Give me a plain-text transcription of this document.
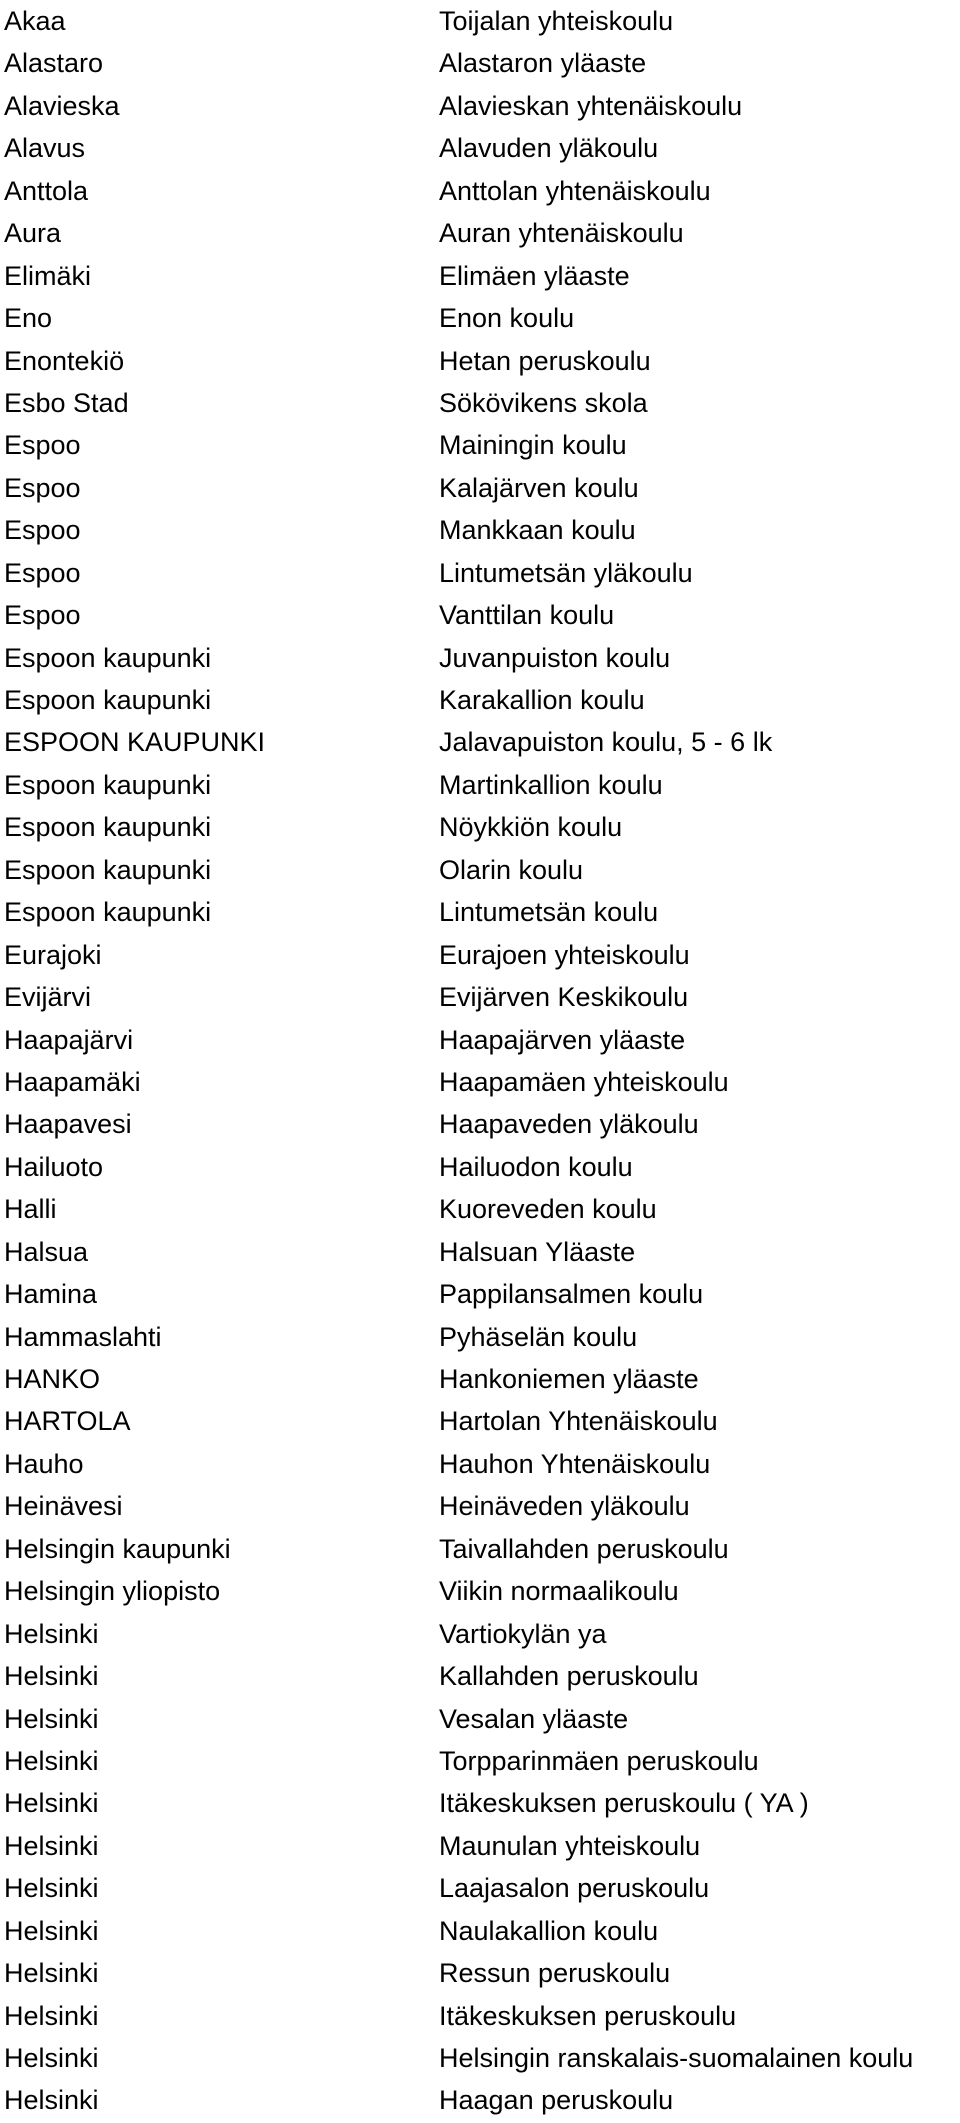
Akaa	Toijalan yhteiskoulu
Alastaro	Alastaron yläaste
Alavieska	Alavieskan yhtenäiskoulu
Alavus	Alavuden yläkoulu
Anttola	Anttolan yhtenäiskoulu
Aura	Auran yhtenäiskoulu
Elimäki	Elimäen yläaste
Eno	Enon koulu
Enontekiö	Hetan peruskoulu
Esbo Stad	Sökövikens skola
Espoo	Mainingin koulu
Espoo	Kalajärven koulu
Espoo	Mankkaan koulu
Espoo	Lintumetsän yläkoulu
Espoo	Vanttilan koulu
Espoon kaupunki	Juvanpuiston koulu
Espoon kaupunki	Karakallion koulu
ESPOON KAUPUNKI	Jalavapuiston koulu, 5 - 6 lk
Espoon kaupunki	Martinkallion koulu
Espoon kaupunki	Nöykkiön koulu
Espoon kaupunki	Olarin koulu
Espoon kaupunki	Lintumetsän koulu
Eurajoki	Eurajoen yhteiskoulu
Evijärvi	Evijärven Keskikoulu
Haapajärvi	Haapajärven yläaste
Haapamäki	Haapamäen yhteiskoulu
Haapavesi	Haapaveden yläkoulu
Hailuoto	Hailuodon koulu
Halli	Kuoreveden koulu
Halsua	Halsuan Yläaste
Hamina	Pappilansalmen koulu
Hammaslahti	Pyhäselän koulu
HANKO	Hankoniemen yläaste
HARTOLA	Hartolan Yhtenäiskoulu
Hauho	Hauhon Yhtenäiskoulu
Heinävesi	Heinäveden yläkoulu
Helsingin kaupunki	Taivallahden peruskoulu
Helsingin yliopisto	Viikin normaalikoulu
Helsinki	Vartiokylän ya
Helsinki	Kallahden peruskoulu
Helsinki	Vesalan yläaste
Helsinki	Torpparinmäen peruskoulu
Helsinki	Itäkeskuksen peruskoulu ( YA )
Helsinki	Maunulan yhteiskoulu
Helsinki	Laajasalon peruskoulu
Helsinki	Naulakallion koulu
Helsinki	Ressun peruskoulu
Helsinki	Itäkeskuksen peruskoulu
Helsinki	Helsingin ranskalais-suomalainen koulu
Helsinki	Haagan peruskoulu
